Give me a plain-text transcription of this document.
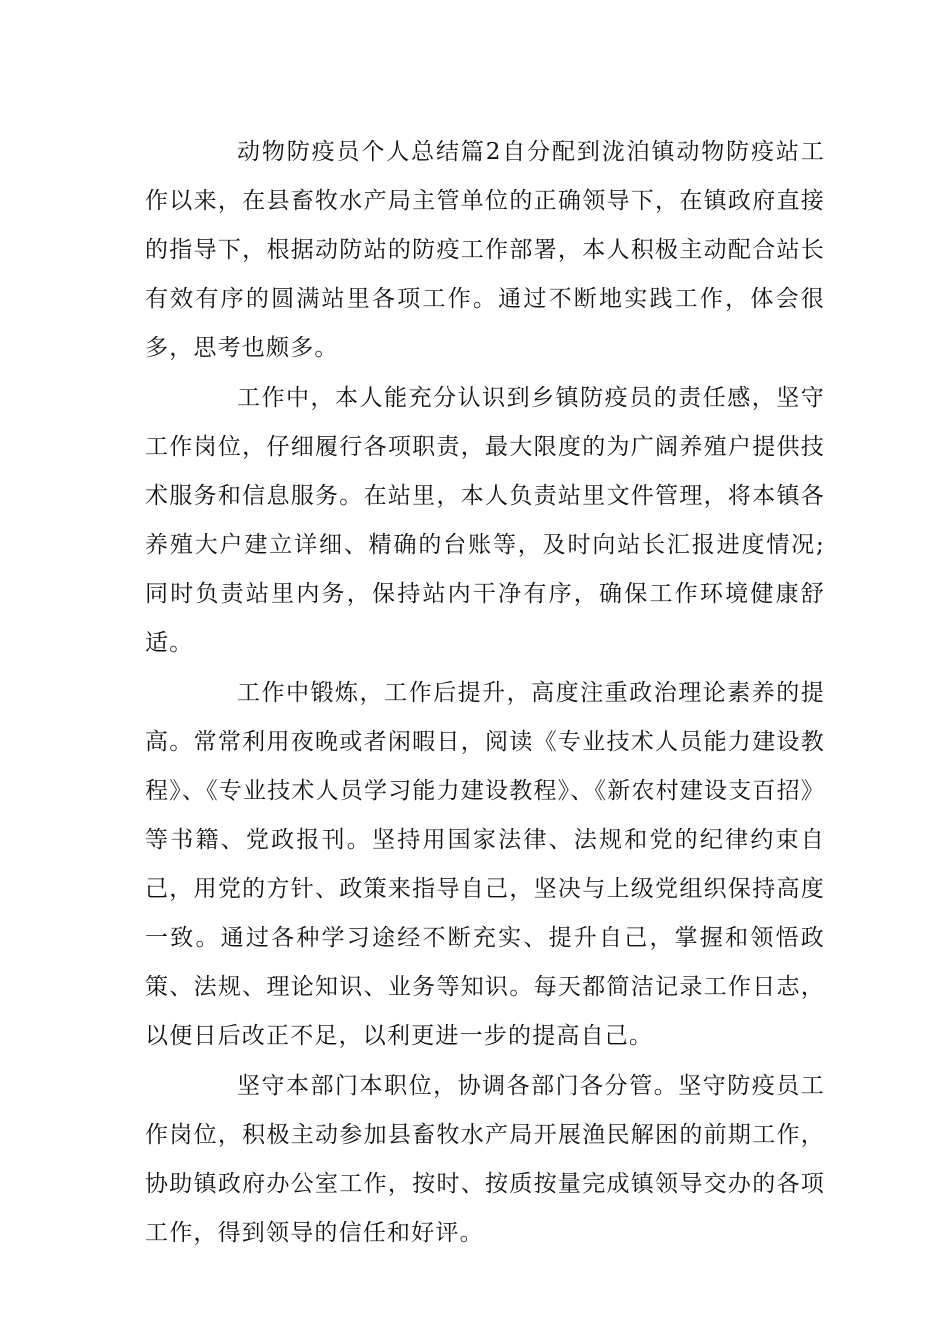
动物防疫员个人总结篇2自分配到泷泊镇动物防疫站工作以来，在县畜牧水产局主管单位的正确领导下，在镇政府直接的指导下，根据动防站的防疫工作部署，本人积极主动配合站长有效有序的圆满站里各项工作。通过不断地实践工作，体会很多，思考也颇多。

工作中，本人能充分认识到乡镇防疫员的责任感，坚守工作岗位，仔细履行各项职责，最大限度的为广阔养殖户提供技术服务和信息服务。在站里，本人负责站里文件管理，将本镇各养殖大户建立详细、精确的台账等，及时向站长汇报进度情况;同时负责站里内务，保持站内干净有序，确保工作环境健康舒适。

工作中锻炼，工作后提升，高度注重政治理论素养的提高。常常利用夜晚或者闲暇日，阅读《专业技术人员能力建设教程》、《专业技术人员学习能力建设教程》、《新农村建设支百招》等书籍、党政报刊。坚持用国家法律、法规和党的纪律约束自己，用党的方针、政策来指导自己，坚决与上级党组织保持高度一致。通过各种学习途经不断充实、提升自己，掌握和领悟政策、法规、理论知识、业务等知识。每天都简洁记录工作日志，以便日后改正不足，以利更进一步的提高自己。

坚守本部门本职位，协调各部门各分管。坚守防疫员工作岗位，积极主动参加县畜牧水产局开展渔民解困的前期工作，协助镇政府办公室工作，按时、按质按量完成镇领导交办的各项工作，得到领导的信任和好评。
